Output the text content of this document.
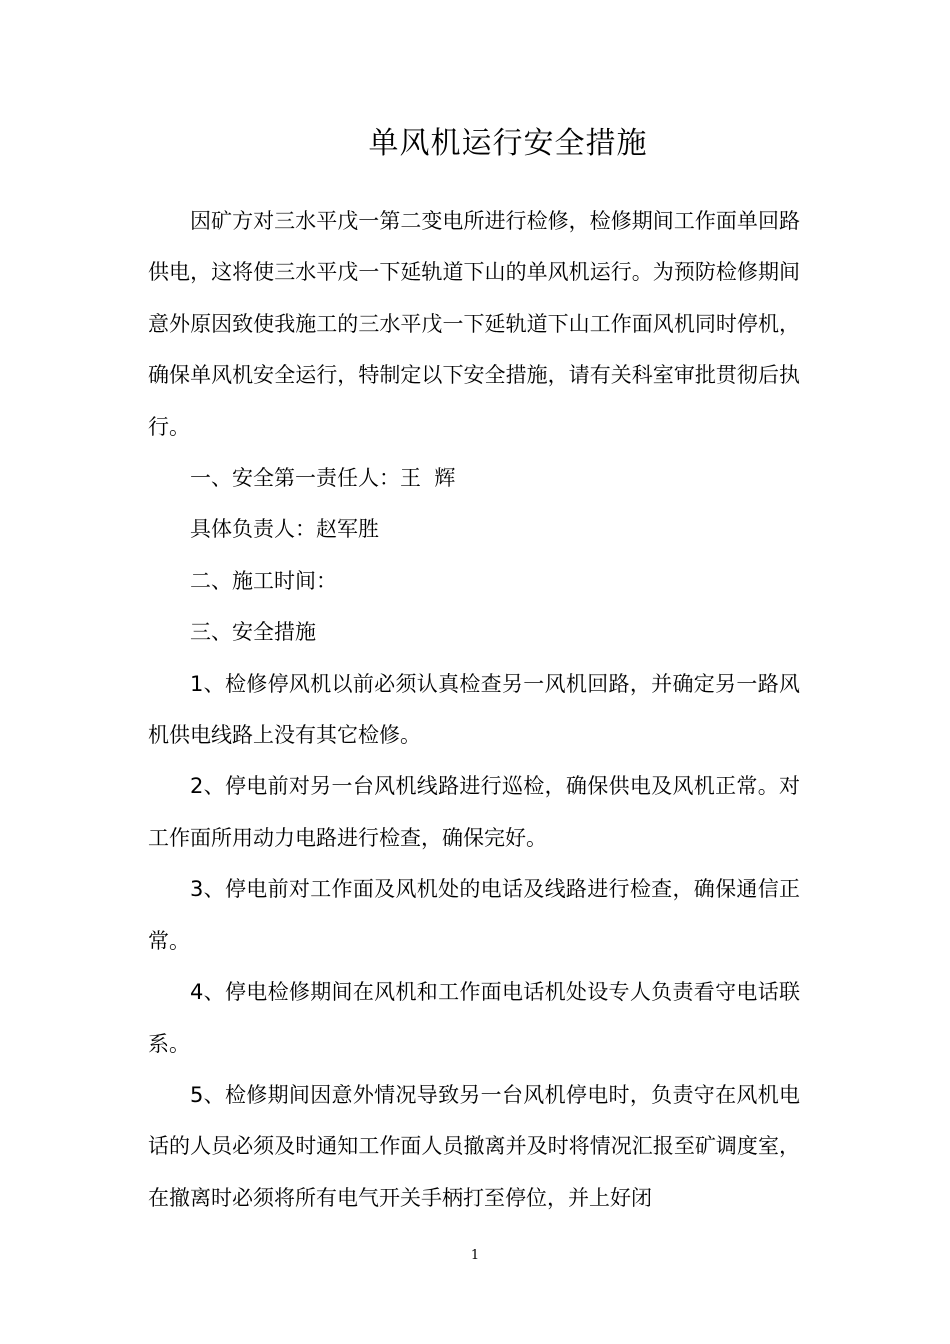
单风机运行安全措施

因矿方对三水平戊一第二变电所进行检修，检修期间工作面单回路供电，这将使三水平戊一下延轨道下山的单风机运行。为预防检修期间意外原因致使我施工的三水平戊一下延轨道下山工作面风机同时停机，确保单风机安全运行，特制定以下安全措施，请有关科室审批贯彻后执行。

一、安全第一责任人：王  辉

具体负责人：赵军胜

二、施工时间：

三、安全措施

1、检修停风机以前必须认真检查另一风机回路，并确定另一路风机供电线路上没有其它检修。

2、停电前对另一台风机线路进行巡检，确保供电及风机正常。对工作面所用动力电路进行检查，确保完好。

3、停电前对工作面及风机处的电话及线路进行检查，确保通信正常。

4、停电检修期间在风机和工作面电话机处设专人负责看守电话联系。

5、检修期间因意外情况导致另一台风机停电时，负责守在风机电话的人员必须及时通知工作面人员撤离并及时将情况汇报至矿调度室，在撤离时必须将所有电气开关手柄打至停位，并上好闭

1
